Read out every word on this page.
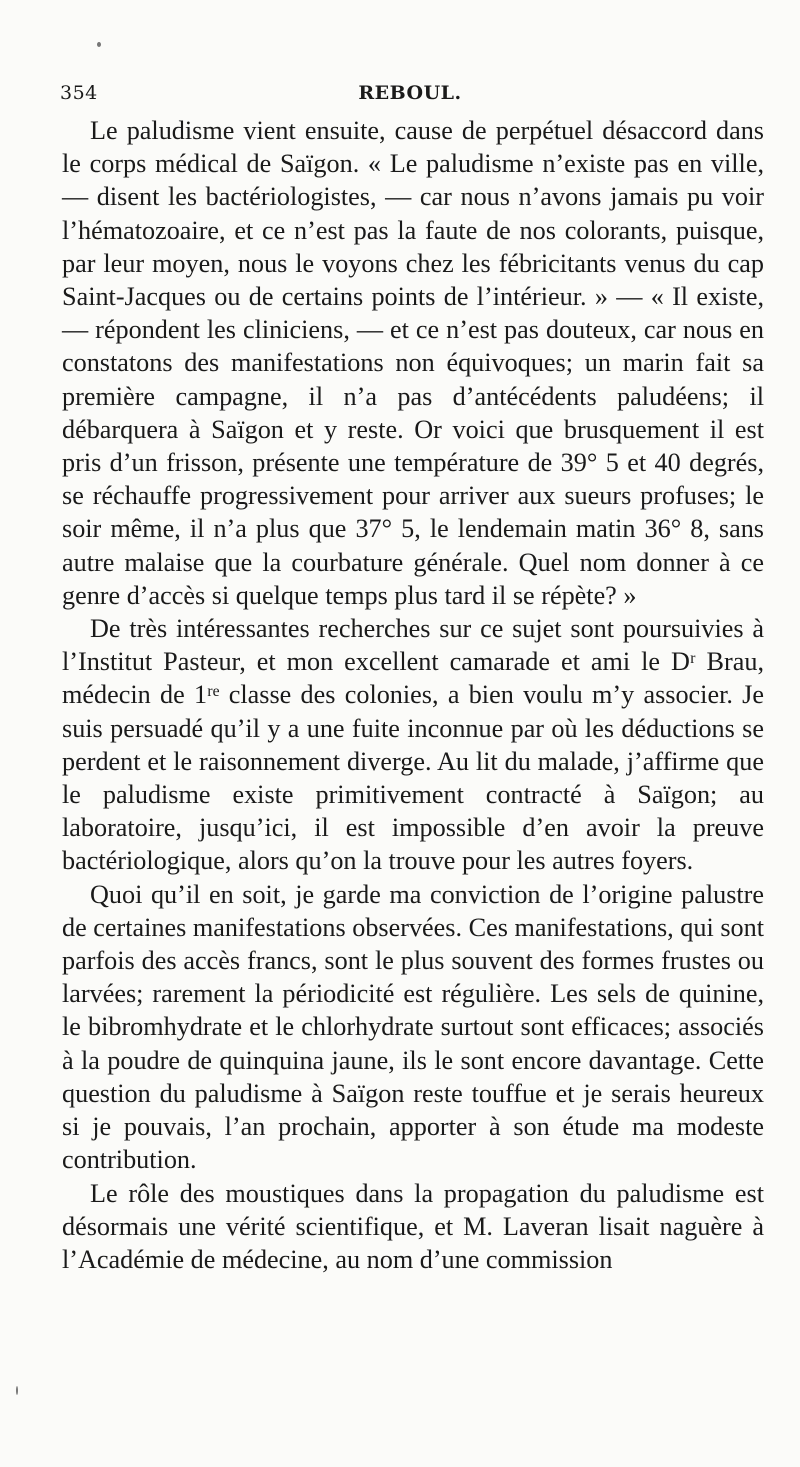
354	REBOUL.

Le paludisme vient ensuite, cause de perpétuel désaccord dans le corps médical de Saïgon. « Le paludisme n’existe pas en ville, — disent les bactériologistes, — car nous n’avons jamais pu voir l’hématozoaire, et ce n’est pas la faute de nos colorants, puisque, par leur moyen, nous le voyons chez les fébricitants venus du cap Saint-Jacques ou de certains points de l’intérieur. » — « Il existe, — répondent les cliniciens, — et ce n’est pas douteux, car nous en constatons des manifestations non équivoques; un marin fait sa première campagne, il n’a pas d’antécédents paludéens; il débarquera à Saïgon et y reste. Or voici que brusquement il est pris d’un frisson, présente une température de 39° 5 et 40 degrés, se réchauffe progressivement pour arriver aux sueurs profuses; le soir même, il n’a plus que 37° 5, le lendemain matin 36° 8, sans autre malaise que la courbature générale. Quel nom donner à ce genre d’accès si quelque temps plus tard il se répète? »

De très intéressantes recherches sur ce sujet sont poursuivies à l’Institut Pasteur, et mon excellent camarade et ami le Dʳ Brau, médecin de 1ʳᵉ classe des colonies, a bien voulu m’y associer. Je suis persuadé qu’il y a une fuite inconnue par où les déductions se perdent et le raisonnement diverge. Au lit du malade, j’affirme que le paludisme existe primitivement contracté à Saïgon; au laboratoire, jusqu’ici, il est impossible d’en avoir la preuve bactériologique, alors qu’on la trouve pour les autres foyers.

Quoi qu’il en soit, je garde ma conviction de l’origine palustre de certaines manifestations observées. Ces manifestations, qui sont parfois des accès francs, sont le plus souvent des formes frustes ou larvées; rarement la périodicité est régulière. Les sels de quinine, le bibromhydrate et le chlorhydrate surtout sont efficaces; associés à la poudre de quinquina jaune, ils le sont encore davantage. Cette question du paludisme à Saïgon reste touffue et je serais heureux si je pouvais, l’an prochain, apporter à son étude ma modeste contribution.

Le rôle des moustiques dans la propagation du paludisme est désormais une vérité scientifique, et M. Laveran lisait naguère à l’Académie de médecine, au nom d’une commission
